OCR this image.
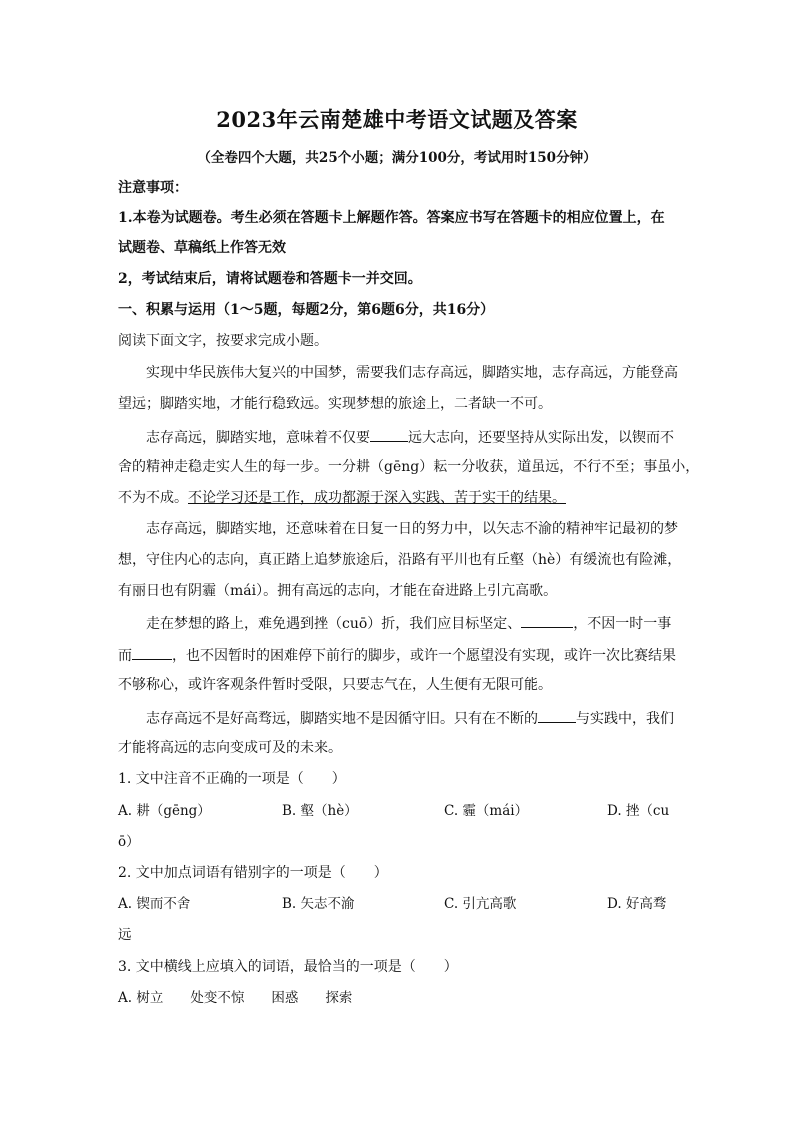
2023年云南楚雄中考语文试题及答案
（全卷四个大题，共25个小题；满分100分，考试用时150分钟）
注意事项：
1.本卷为试题卷。考生必须在答题卡上解题作答。答案应书写在答题卡的相应位置上，在
试题卷、草稿纸上作答无效
2，考试结束后，请将试题卷和答题卡一并交回。
一、积累与运用（1～5题，每题2分，第6题6分，共16分）
阅读下面文字，按要求完成小题。
实现中华民族伟大复兴的中国梦，需要我们志存高远，脚踏实地，志存高远，方能登高
望远；脚踏实地，才能行稳致远。实现梦想的旅途上，二者缺一不可。
志存高远，脚踏实地，意味着不仅要	远大志向，还要坚持从实际出发，以锲而不
舍的精神走稳走实人生的每一步。一分耕（gēng）耘一分收获，道虽远，不行不至；事虽小，
不为不成。不论学习还是工作，成功都源于深入实践、苦于实干的结果。
志存高远，脚踏实地，还意味着在日复一日的努力中，以矢志不渝的精神牢记最初的梦
想，守住内心的志向，真正踏上追梦旅途后，沿路有平川也有丘壑（hè）有缓流也有险滩，
有丽日也有阴霾（mái）。拥有高远的志向，才能在奋进路上引亢高歌。
走在梦想的路上，难免遇到挫（cuō）折，我们应目标坚定、	，不因一时一事
而	，也不因暂时的困难停下前行的脚步，或许一个愿望没有实现，或许一次比赛结果
不够称心，或许客观条件暂时受限，只要志气在，人生便有无限可能。
志存高远不是好高骛远，脚踏实地不是因循守旧。只有在不断的	与实践中，我们
才能将高远的志向变成可及的未来。
1. 文中注音不正确的一项是（　　）
A. 耕（gēng）	B. 壑（hè）	C. 霾（mái）	D. 挫（cu
ō）
2. 文中加点词语有错别字的一项是（　　）
A. 锲而不舍	B. 矢志不渝	C. 引亢高歌	D. 好高骛
远
3. 文中横线上应填入的词语，最恰当的一项是（　　）
A. 树立　　处变不惊　　困惑　　探索
